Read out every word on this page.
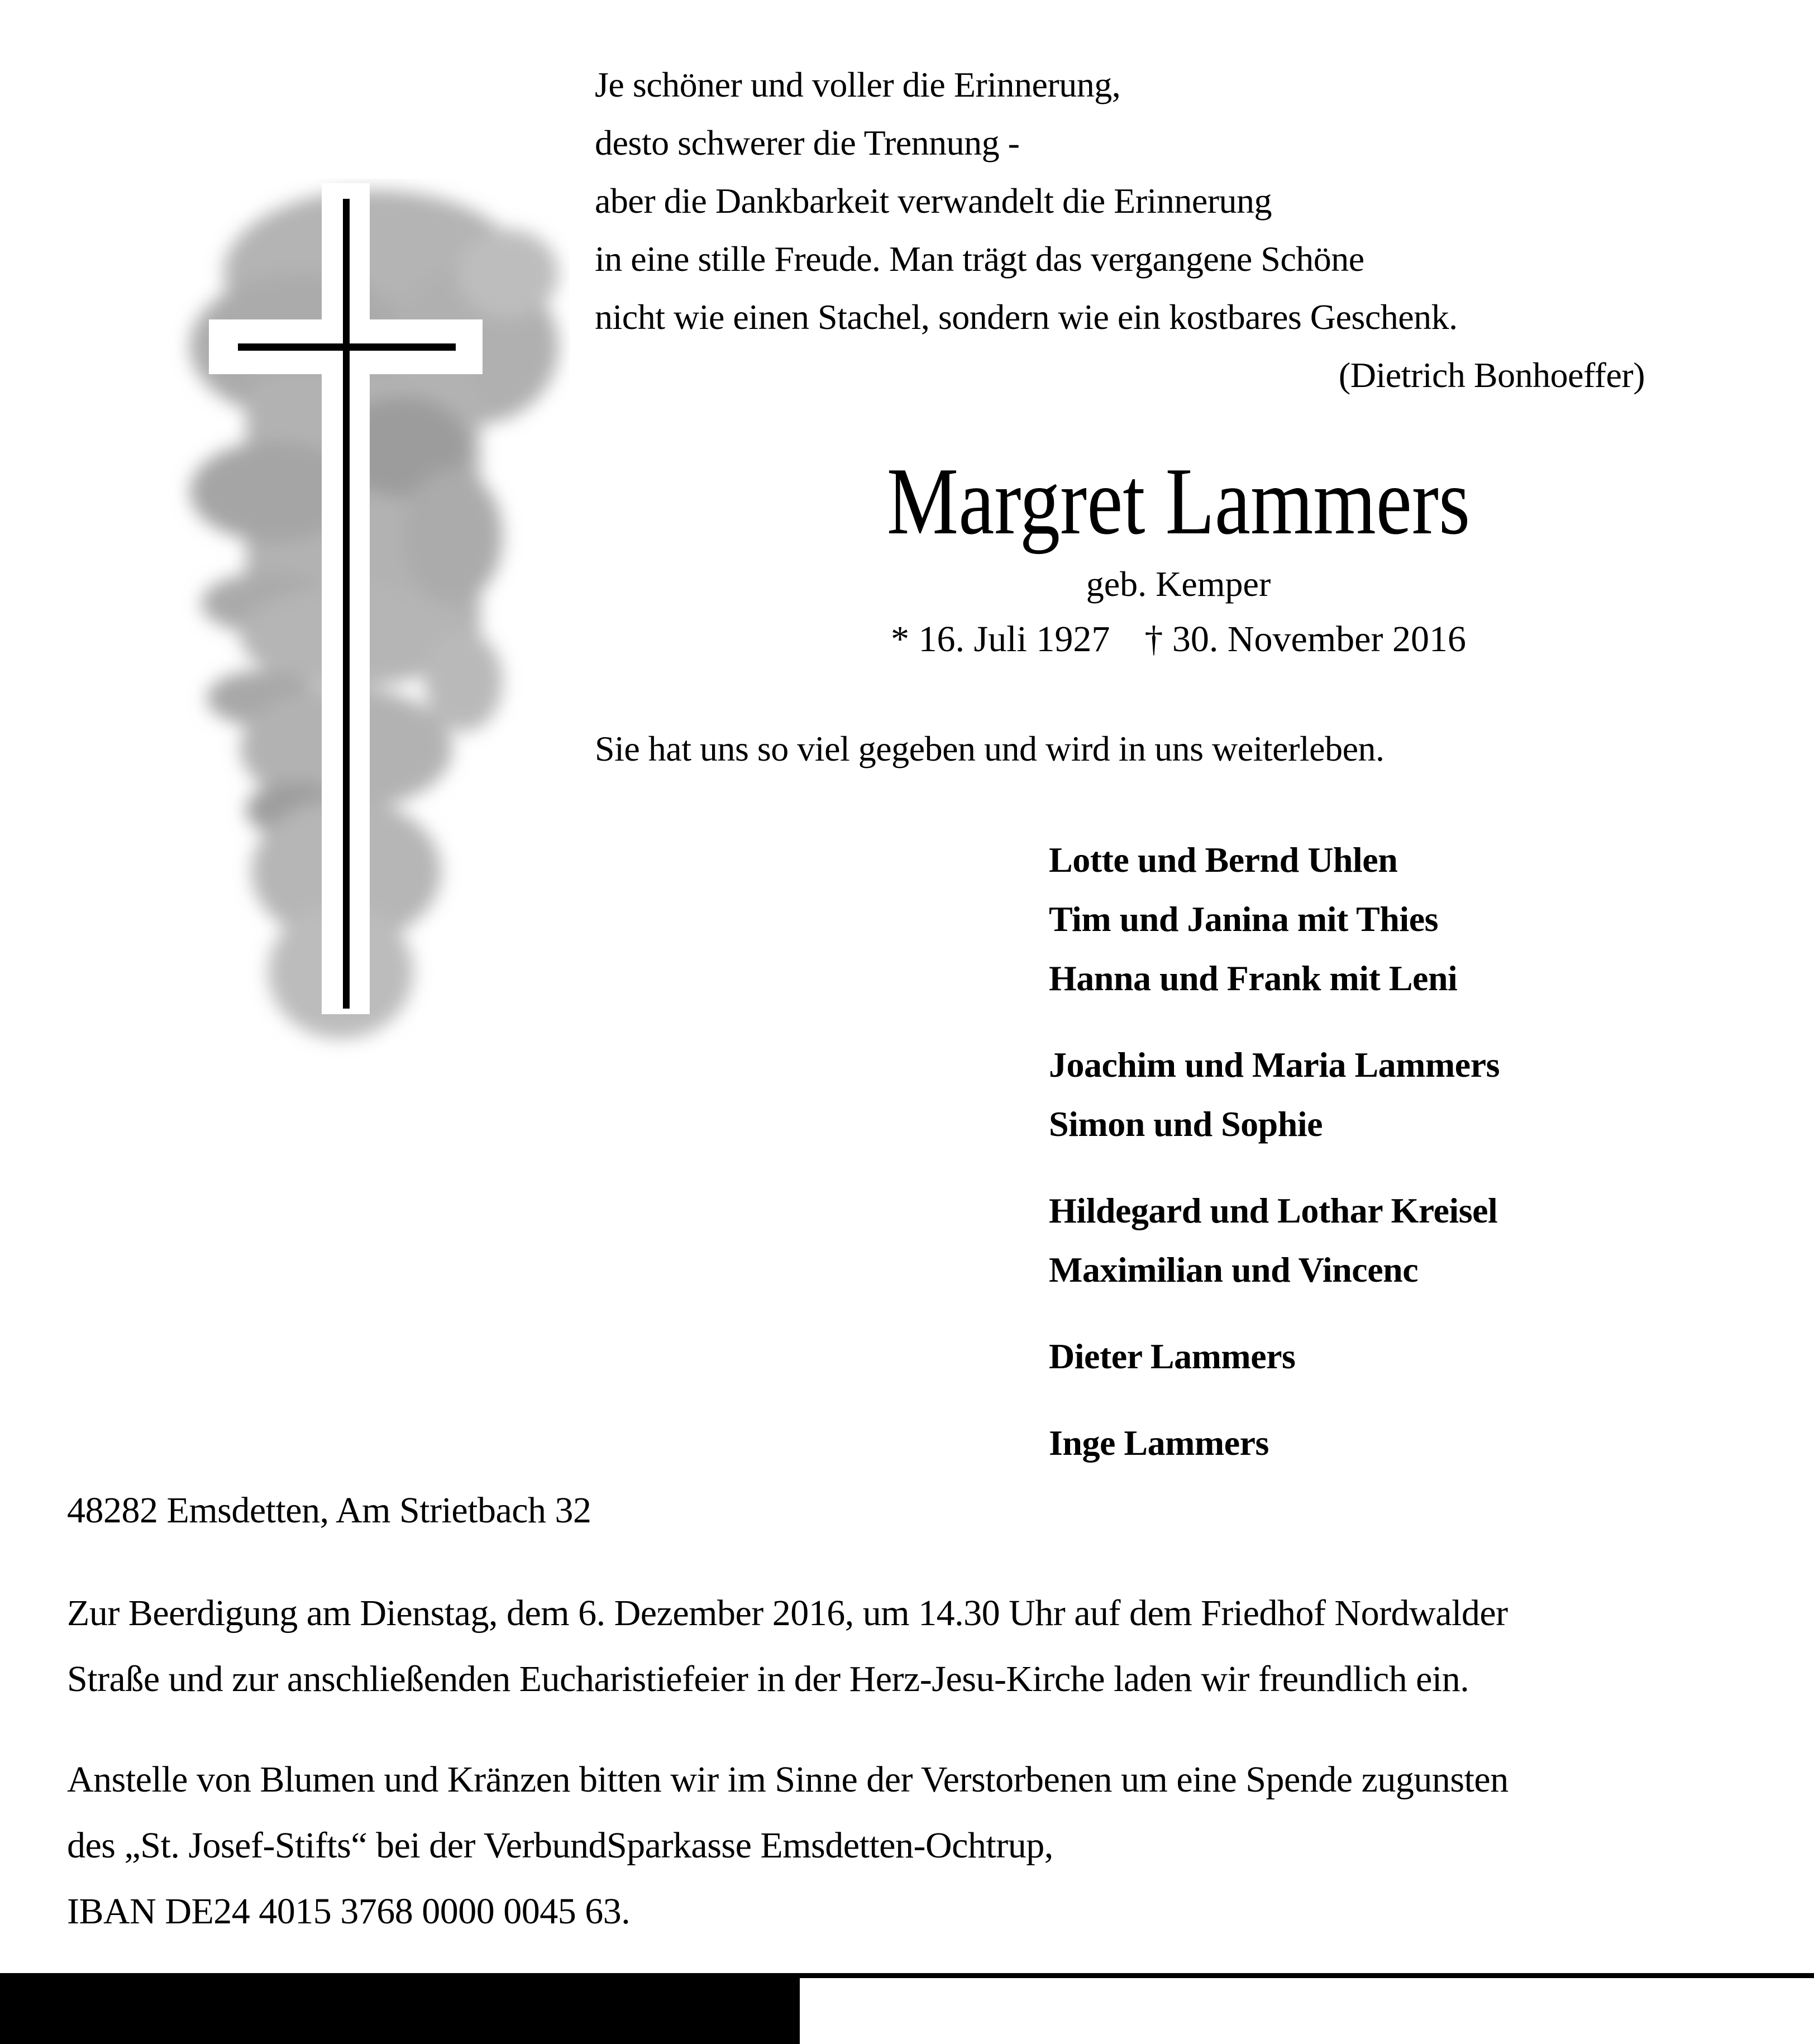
Je schöner und voller die Erinnerung,
desto schwerer die Trennung -
aber die Dankbarkeit verwandelt die Erinnerung
in eine stille Freude. Man trägt das vergangene Schöne
nicht wie einen Stachel, sondern wie ein kostbares Geschenk.
(Dietrich Bonhoeffer)
Margret Lammers
geb. Kemper
* 16. Juli 1927 † 30. November 2016
Sie hat uns so viel gegeben und wird in uns weiterleben.
Lotte und Bernd Uhlen
Tim und Janina mit Thies
Hanna und Frank mit Leni
Joachim und Maria Lammers
Simon und Sophie
Hildegard und Lothar Kreisel
Maximilian und Vincenc
Dieter Lammers
Inge Lammers
48282 Emsdetten, Am Strietbach 32
Zur Beerdigung am Dienstag, dem 6. Dezember 2016, um 14.30 Uhr auf dem Friedhof Nordwalder
Straße und zur anschließenden Eucharistiefeier in der Herz-Jesu-Kirche laden wir freundlich ein.
Anstelle von Blumen und Kränzen bitten wir im Sinne der Verstorbenen um eine Spende zugunsten
des „St. Josef-Stifts“ bei der VerbundSparkasse Emsdetten-Ochtrup,
IBAN DE24 4015 3768 0000 0045 63.
